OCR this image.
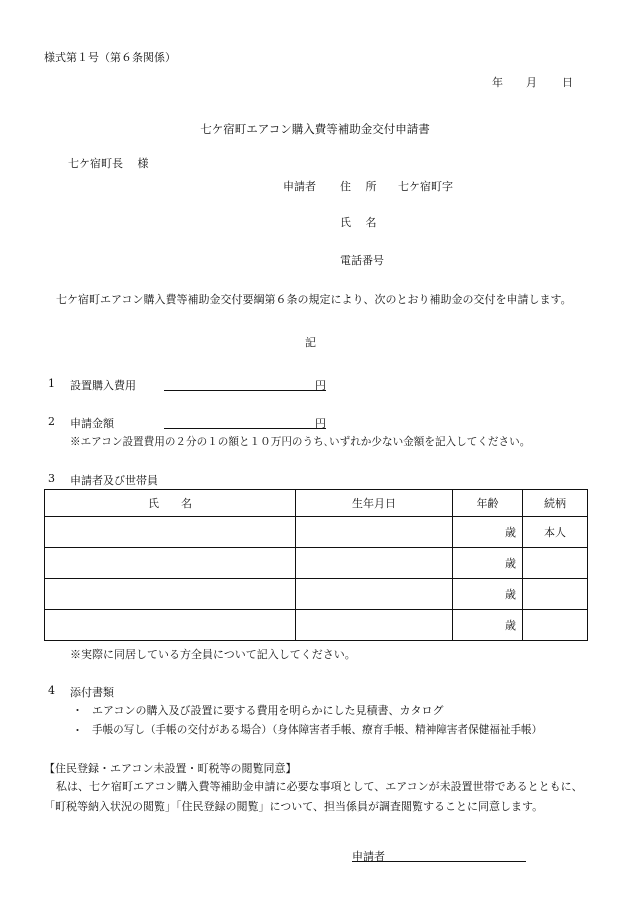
様式第１号（第６条関係）
年 月 日
七ケ宿町エアコン購入費等補助金交付申請書
七ケ宿町長　 様
申請者 住　 所 七ケ宿町字
氏　 名
電話番号
七ケ宿町エアコン購入費等補助金交付要綱第６条の規定により、次のとおり補助金の交付を申請します。
記
1 設置購入費用	円
2 申請金額	円
※エアコン設置費用の２分の１の額と１０万円のうち､いずれか少ない金額を記入してください。
3 申請者及び世帯員
氏　　名	生年月日	年齢	続柄
		歳	本人
		歳	
		歳	
		歳	
※実際に同居している方全員について記入してください。
4 添付書類
・ エアコンの購入及び設置に要する費用を明らかにした見積書、カタログ
・ 手帳の写し（手帳の交付がある場合）（身体障害者手帳、療育手帳、精神障害者保健福祉手帳）
【住民登録・エアコン未設置・町税等の閲覧同意】
私は、七ケ宿町エアコン購入費等補助金申請に必要な事項として、エアコンが未設置世帯であるとともに、「町税等納入状況の閲覧」「住民登録の閲覧」について、担当係員が調査閲覧することに同意します。
申請者
